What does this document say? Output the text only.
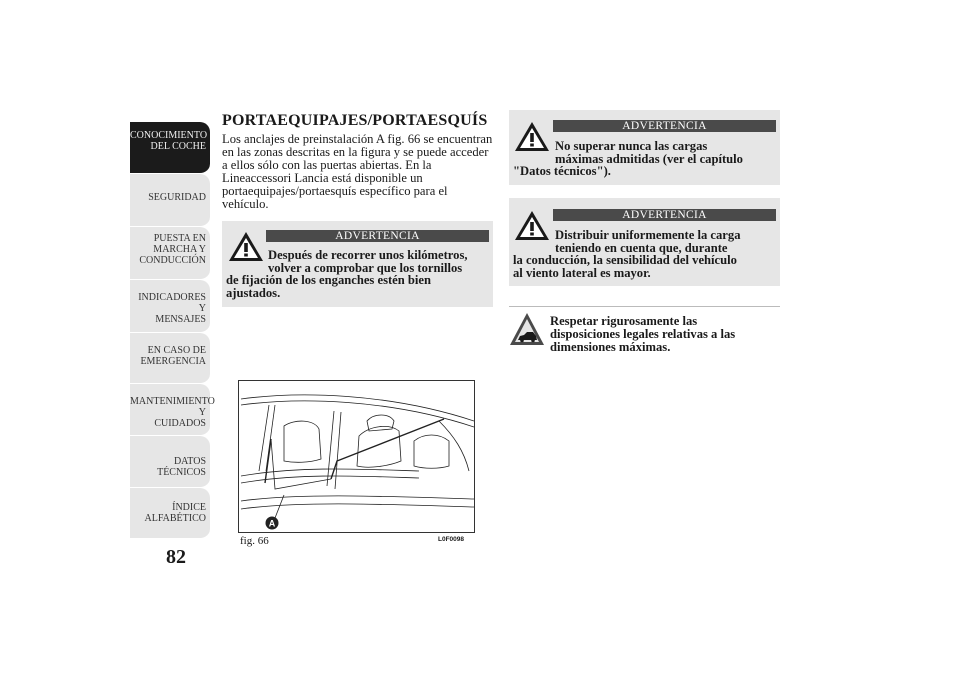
CONOCIMIENTO
DEL COCHE
SEGURIDAD
PUESTA EN
MARCHA Y
CONDUCCIÓN
INDICADORES Y
MENSAJES
EN CASO DE
EMERGENCIA
MANTENIMIENTO Y
CUIDADOS
DATOS TÉCNICOS
ÍNDICE
ALFABÉTICO
82
PORTAEQUIPAJES/PORTAESQUÍS

Los anclajes de preinstalación A fig. 66 se encuentran en las zonas descritas en la figura y se puede acceder a ellos sólo con las puertas abiertas. En la Lineaccessori Lancia está disponible un portaequipajes/portaesquís específico para el vehículo.

ADVERTENCIA

Después de recorrer unos kilómetros,
volver a comprobar que los tornillos
de fijación de los enganches estén bien
ajustados.

ADVERTENCIA

No superar nunca las cargas
máximas admitidas (ver el capítulo
"Datos técnicos").

ADVERTENCIA

Distribuir uniformemente la carga
teniendo en cuenta que, durante
la conducción, la sensibilidad del vehículo
al viento lateral es mayor.

Respetar rigurosamente las
disposiciones legales relativas a las
dimensiones máximas.

A
fig. 66	L0F0098
